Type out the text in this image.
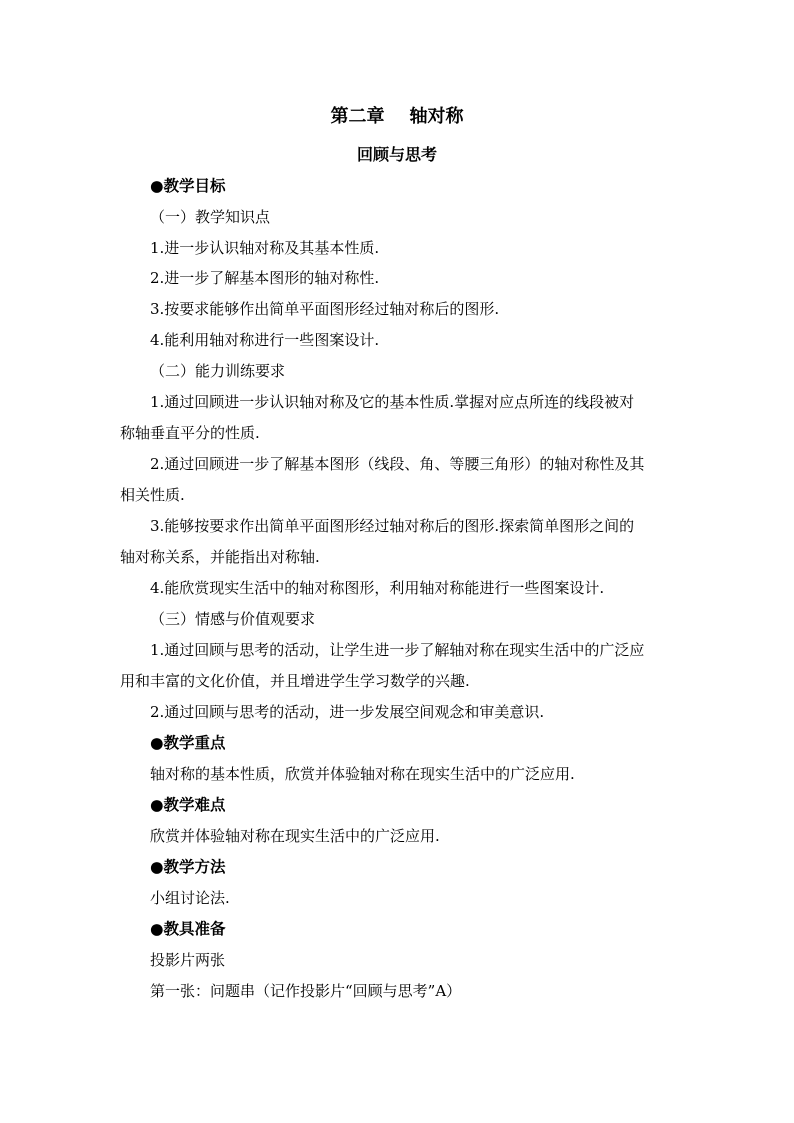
第二章    轴对称
回顾与思考
●教学目标
（一）教学知识点
1.进一步认识轴对称及其基本性质.
2.进一步了解基本图形的轴对称性.
3.按要求能够作出简单平面图形经过轴对称后的图形.
4.能利用轴对称进行一些图案设计.
（二）能力训练要求
1.通过回顾进一步认识轴对称及它的基本性质.掌握对应点所连的线段被对
称轴垂直平分的性质.
2.通过回顾进一步了解基本图形（线段、角、等腰三角形）的轴对称性及其
相关性质.
3.能够按要求作出简单平面图形经过轴对称后的图形.探索简单图形之间的
轴对称关系，并能指出对称轴.
4.能欣赏现实生活中的轴对称图形，利用轴对称能进行一些图案设计.
（三）情感与价值观要求
1.通过回顾与思考的活动，让学生进一步了解轴对称在现实生活中的广泛应
用和丰富的文化价值，并且增进学生学习数学的兴趣.
2.通过回顾与思考的活动，进一步发展空间观念和审美意识.
●教学重点
轴对称的基本性质，欣赏并体验轴对称在现实生活中的广泛应用.
●教学难点
欣赏并体验轴对称在现实生活中的广泛应用.
●教学方法
小组讨论法.
●教具准备
投影片两张
第一张：问题串（记作投影片“回顾与思考”A）
